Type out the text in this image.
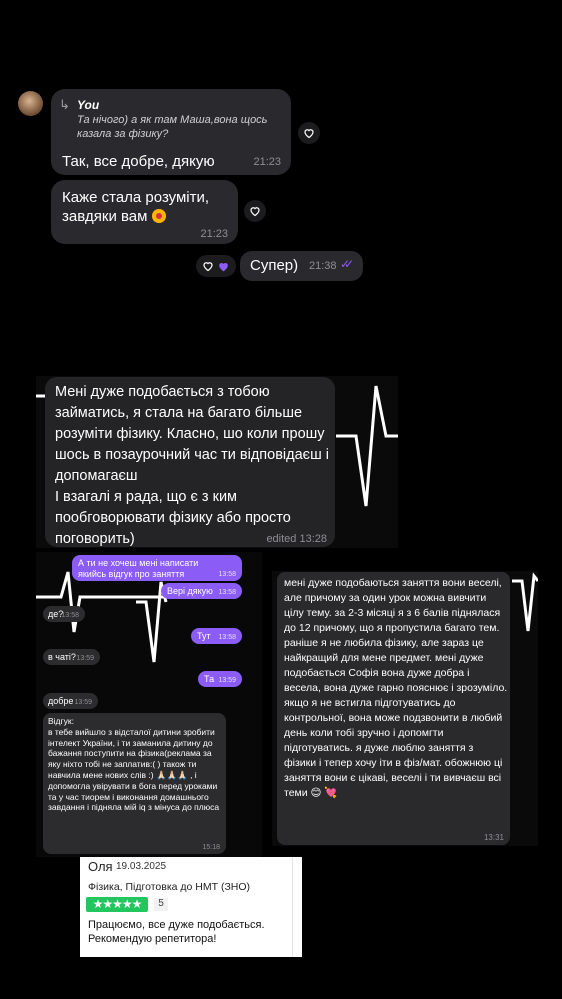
↳ You
Та нічого) а як там Маша,вона щось казала за фізику?
Так, все добре, дякую	21:23
Каже стала розуміти, завдяки вам
21:23
Супер) 21:38 ✓✓
Мені дуже подобається з тобою займатись, я стала на багато більше розуміти фізику. Класно, шо коли прошу шось в позаурочний час ти відповідаєш і допомагаєш
І взагалі я рада, що є з ким пообговорювати фізику або просто поговорить)	edited 13:28
А ти не хочеш мені написати якийсь відгук про заняття	13:58
Вері дякую 13:58
де?
13:58
Тут 13:58
в чаті? 13:59
Та 13:59
добре 13:59
Відгук:
в тебе вийшло з відсталої дитини зробити інтелект України, і ти заманила дитину до бажання поступити на фізика(реклама за яку ніхто тобі не заплатив:( ) також ти навчила мене нових слів :) 🙏🏻🙏🏻🙏🏻 , і допомогла увірувати в бога перед уроками та у час тиорем і виконання домашнього завдання і підняла мій iq з мінуса до плюса
15:18
мені дуже подобаються заняття вони веселі, але причому за один урок можна вивчити цілу тему. за 2-3 місяці я з 6 балів піднялася до 12 причому, що я пропустила багато тем. раніше я не любила фізику, але зараз це найкращий для мене предмет. мені дуже подобається Софія вона дуже добра і весела, вона дуже гарно пояснює і зрозуміло. якщо я не встигла підготуватись до контрольної, вона може подзвонити в любий день коли тобі зручно і допомгти підготуватись. я дуже люблю заняття з фізики і тепер хочу іти в фіз/мат. обожнюю ці заняття вони є цікаві, веселі і ти вивчаєш всі теми 😊 💘
13:31
Оля 19.03.2025
Фізика, Підготовка до НМТ (ЗНО)
★★★★★	5
Працюємо, все дуже подобається. Рекомендую репетитора!
